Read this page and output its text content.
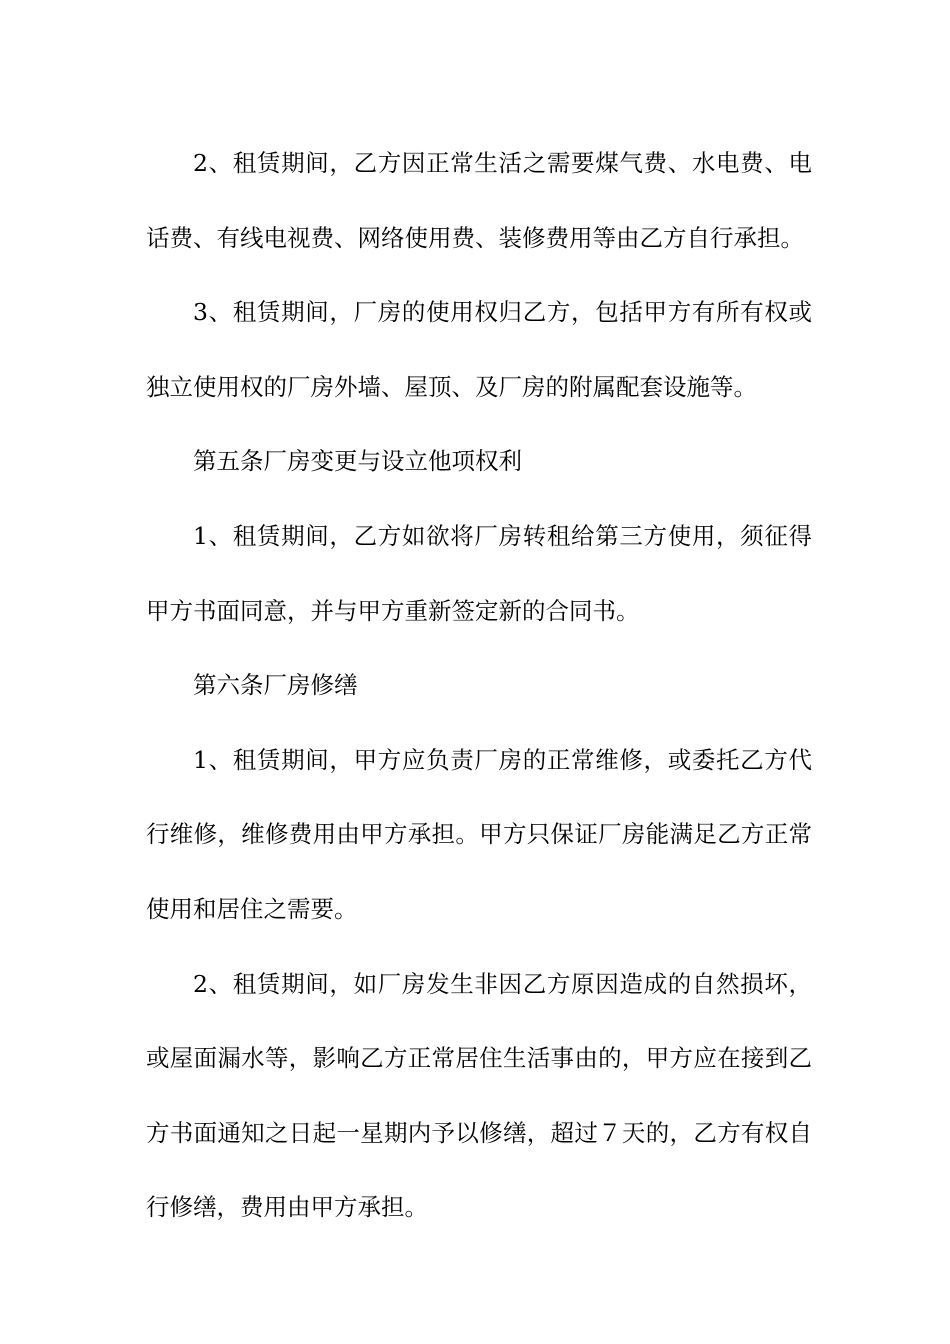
2、租赁期间，乙方因正常生活之需要煤气费、水电费、电话费、有线电视费、网络使用费、装修费用等由乙方自行承担。

3、租赁期间，厂房的使用权归乙方，包括甲方有所有权或独立使用权的厂房外墙、屋顶、及厂房的附属配套设施等。

第五条厂房变更与设立他项权利

1、租赁期间，乙方如欲将厂房转租给第三方使用，须征得甲方书面同意，并与甲方重新签定新的合同书。

第六条厂房修缮

1、租赁期间，甲方应负责厂房的正常维修，或委托乙方代行维修，维修费用由甲方承担。甲方只保证厂房能满足乙方正常使用和居住之需要。

2、租赁期间，如厂房发生非因乙方原因造成的自然损坏，或屋面漏水等，影响乙方正常居住生活事由的，甲方应在接到乙方书面通知之日起一星期内予以修缮，超过７天的，乙方有权自行修缮，费用由甲方承担。
